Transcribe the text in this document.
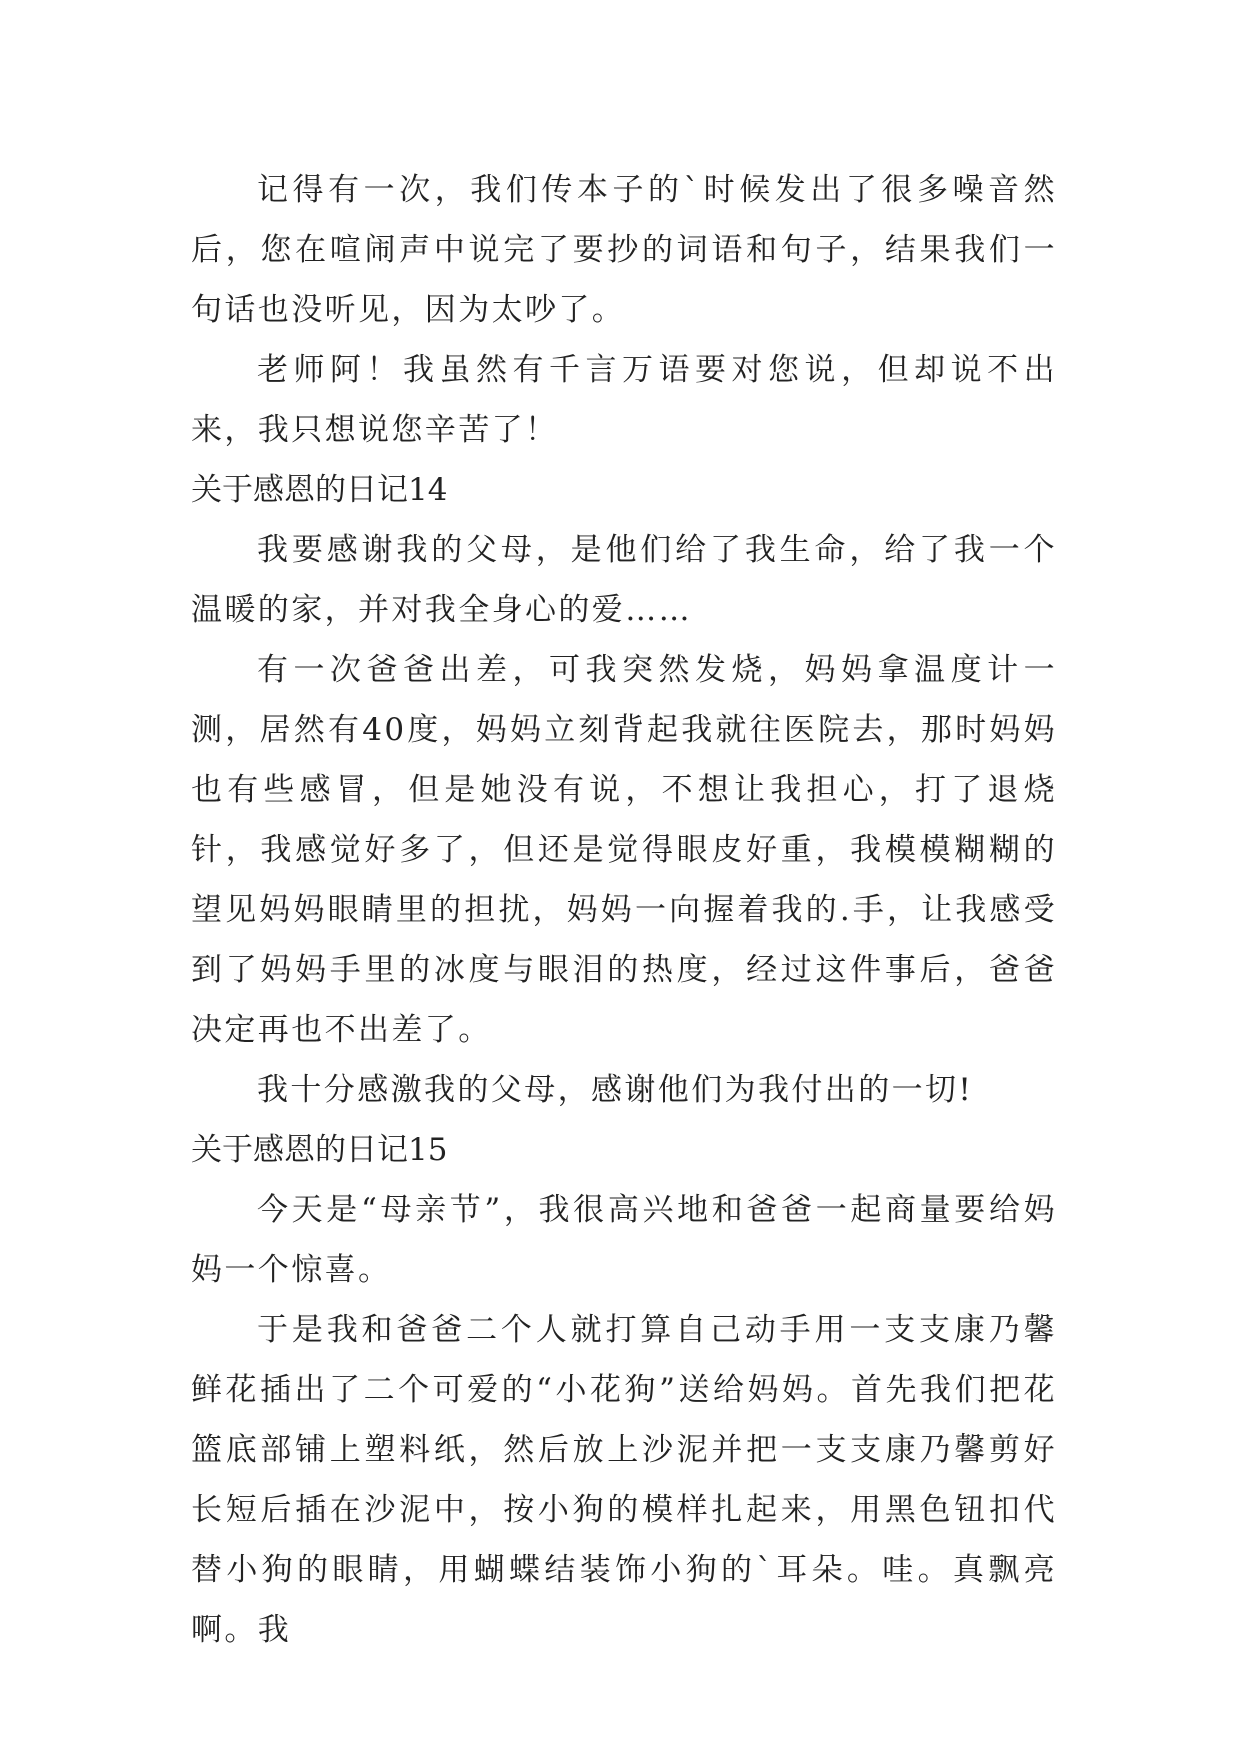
记得有一次，我们传本子的`时候发出了很多噪音然后，您在喧闹声中说完了要抄的词语和句子，结果我们一句话也没听见，因为太吵了。

老师阿！我虽然有千言万语要对您说，但却说不出来，我只想说您辛苦了！

关于感恩的日记14

我要感谢我的父母，是他们给了我生命，给了我一个温暖的家，并对我全身心的爱……

有一次爸爸出差，可我突然发烧，妈妈拿温度计一测，居然有40度，妈妈立刻背起我就往医院去，那时妈妈也有些感冒，但是她没有说，不想让我担心，打了退烧针，我感觉好多了，但还是觉得眼皮好重，我模模糊糊的望见妈妈眼睛里的担扰，妈妈一向握着我的.手，让我感受到了妈妈手里的冰度与眼泪的热度，经过这件事后，爸爸决定再也不出差了。

我十分感激我的父母，感谢他们为我付出的一切!

关于感恩的日记15

今天是“母亲节”，我很高兴地和爸爸一起商量要给妈妈一个惊喜。

于是我和爸爸二个人就打算自己动手用一支支康乃馨鲜花插出了二个可爱的“小花狗”送给妈妈。首先我们把花篮底部铺上塑料纸，然后放上沙泥并把一支支康乃馨剪好长短后插在沙泥中，按小狗的模样扎起来，用黑色钮扣代替小狗的眼睛，用蝴蝶结装饰小狗的`耳朵。哇。真飘亮啊。我
